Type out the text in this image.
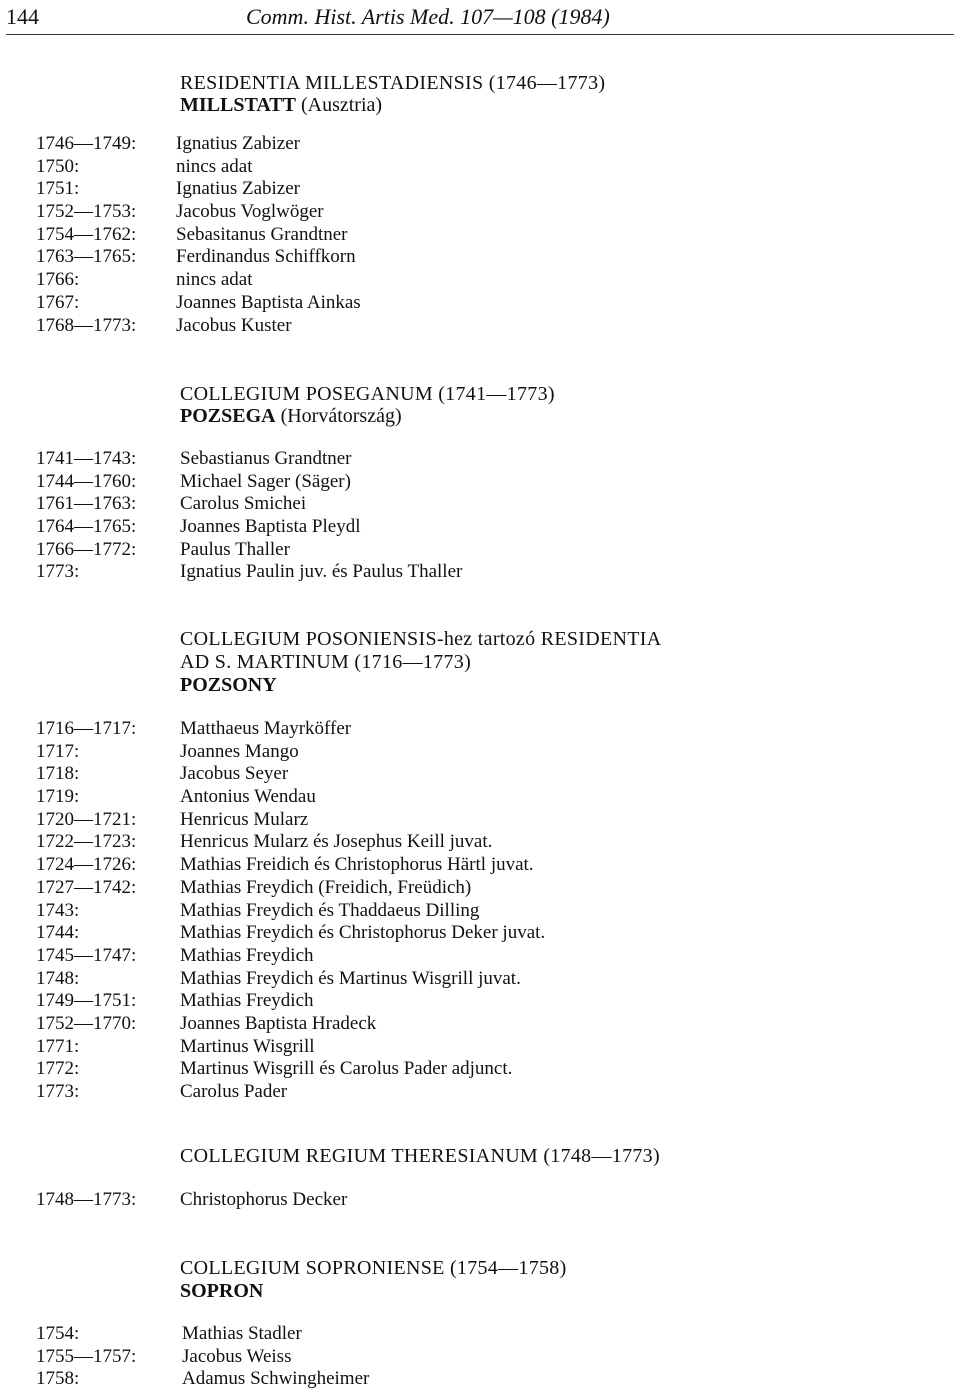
144	Comm. Hist. Artis Med. 107—108 (1984)
RESIDENTIA MILLESTADIENSIS (1746—1773)
MILLSTATT (Ausztria)
1746—1749: Ignatius Zabizer
1750:	nincs adat
1751:	Ignatius Zabizer
1752—1753: Jacobus Voglwöger
1754—1762: Sebasitanus Grandtner
1763—1765: Ferdinandus Schiffkorn
1766:	nincs adat
1767:	Joannes Baptista Ainkas
1768—1773: Jacobus Kuster
COLLEGIUM POSEGANUM (1741—1773)
POZSEGA (Horvátország)
1741—1743: Sebastianus Grandtner
1744—1760: Michael Sager (Säger)
1761—1763: Carolus Smichei
1764—1765: Joannes Baptista Pleydl
1766—1772: Paulus Thaller
1773:	Ignatius Paulin juv. és Paulus Thaller
COLLEGIUM POSONIENSIS-hez tartozó RESIDENTIA
AD S. MARTINUM (1716—1773)
POZSONY
1716—1717: Matthaeus Mayrköffer
1717:	Joannes Mango
1718:	Jacobus Seyer
1719:	Antonius Wendau
1720—1721: Henricus Mularz
1722—1723: Henricus Mularz és Josephus Keill juvat.
1724—1726: Mathias Freidich és Christophorus Härtl juvat.
1727—1742: Mathias Freydich (Freidich, Freüdich)
1743:	Mathias Freydich és Thaddaeus Dilling
1744:	Mathias Freydich és Christophorus Deker juvat.
1745—1747: Mathias Freydich
1748:	Mathias Freydich és Martinus Wisgrill juvat.
1749—1751: Mathias Freydich
1752—1770: Joannes Baptista Hradeck
1771:	Martinus Wisgrill
1772:	Martinus Wisgrill és Carolus Pader adjunct.
1773:	Carolus Pader
COLLEGIUM REGIUM THERESIANUM (1748—1773)
1748—1773: Christophorus Decker
COLLEGIUM SOPRONIENSE (1754—1758)
SOPRON
1754:	Mathias Stadler
1755—1757: Jacobus Weiss
1758:	Adamus Schwingheimer
